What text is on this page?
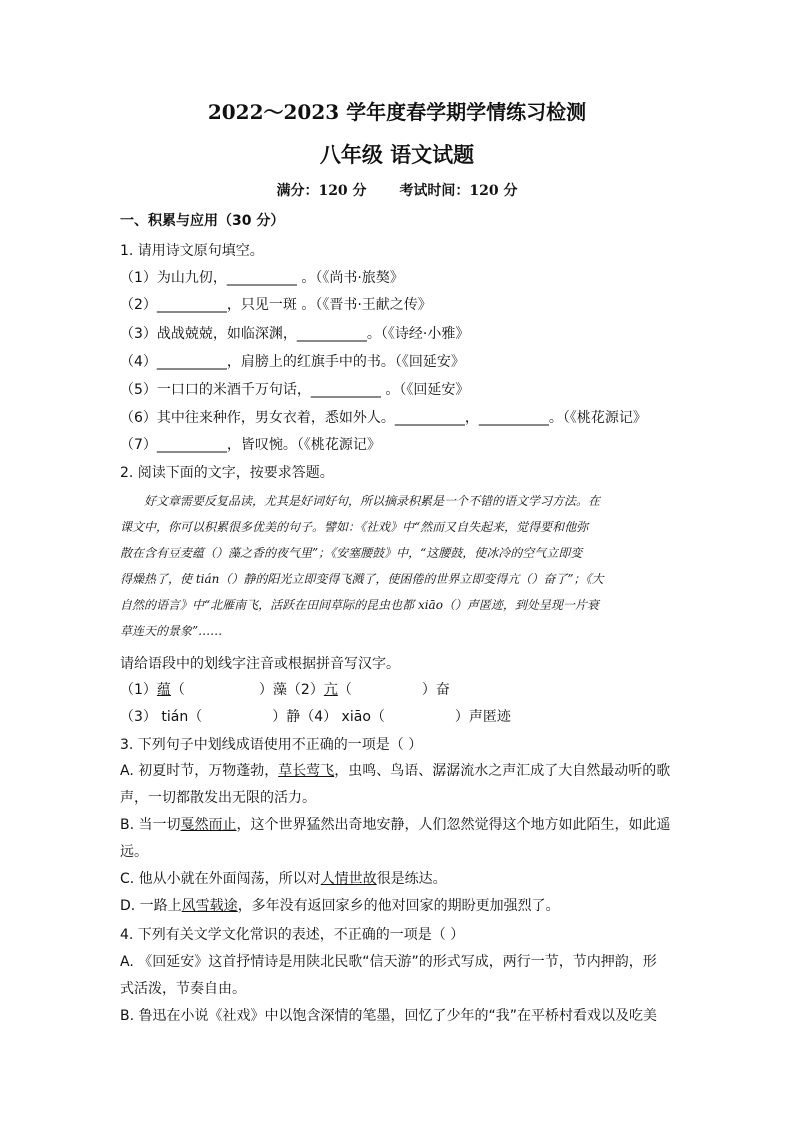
2022～2023 学年度春学期学情练习检测
八年级 语文试题
满分：120 分 考试时间：120 分
一、积累与应用（30 分）
1. 请用诗文原句填空。
（1）为山九仞，__________ 。（《尚书·旅獒》
（2）__________，只见一斑 。（《晋书·王献之传》
（3）战战兢兢，如临深渊，__________。（《诗经·小雅》
（4）__________，肩膀上的红旗手中的书。（《回延安》
（5）一口口的米酒千万句话，__________ 。（《回延安》
（6）其中往来种作，男女衣着，悉如外人。__________，__________。（《桃花源记》
（7）__________，皆叹惋。（《桃花源记》
2. 阅读下面的文字，按要求答题。

好文章需要反复品读，尤其是好词好句，所以摘录积累是一个不错的语文学习方法。在

课文中，你可以积累很多优美的句子。譬如：《社戏》中“然而又自失起来，觉得要和他弥

散在含有豆麦蕴（）藻之香的夜气里”；《安塞腰鼓》中，“这腰鼓，使冰冷的空气立即变

得燥热了，使 tián（）静的阳光立即变得飞溅了，使困倦的世界立即变得亢（）奋了”；《大

自然的语言》中“北雁南飞，活跃在田间草际的昆虫也都 xiāo（）声匿迹，到处呈现一片衰

草连天的景象”……

请给语段中的划线字注音或根据拼音写汉字。
（1）蕴（	）藻（2）亢（	）奋
（3） tián（	）静（4） xiāo（	）声匿迹
3. 下列句子中划线成语使用不正确的一项是（ ）

A. 初夏时节，万物蓬勃，草长莺飞，虫鸣、鸟语、潺潺流水之声汇成了大自然最动听的歌

声，一切都散发出无限的活力。

B. 当一切戛然而止，这个世界猛然出奇地安静，人们忽然觉得这个地方如此陌生，如此遥

远。

C. 他从小就在外面闯荡，所以对人情世故很是练达。

D. 一路上风雪载途，多年没有返回家乡的他对回家的期盼更加强烈了。

4. 下列有关文学文化常识的表述，不正确的一项是（ ）

A. 《回延安》这首抒情诗是用陕北民歌“信天游”的形式写成，两行一节，节内押韵，形

式活泼，节奏自由。

B. 鲁迅在小说《社戏》中以饱含深情的笔墨，回忆了少年的“我”在平桥村看戏以及吃美
